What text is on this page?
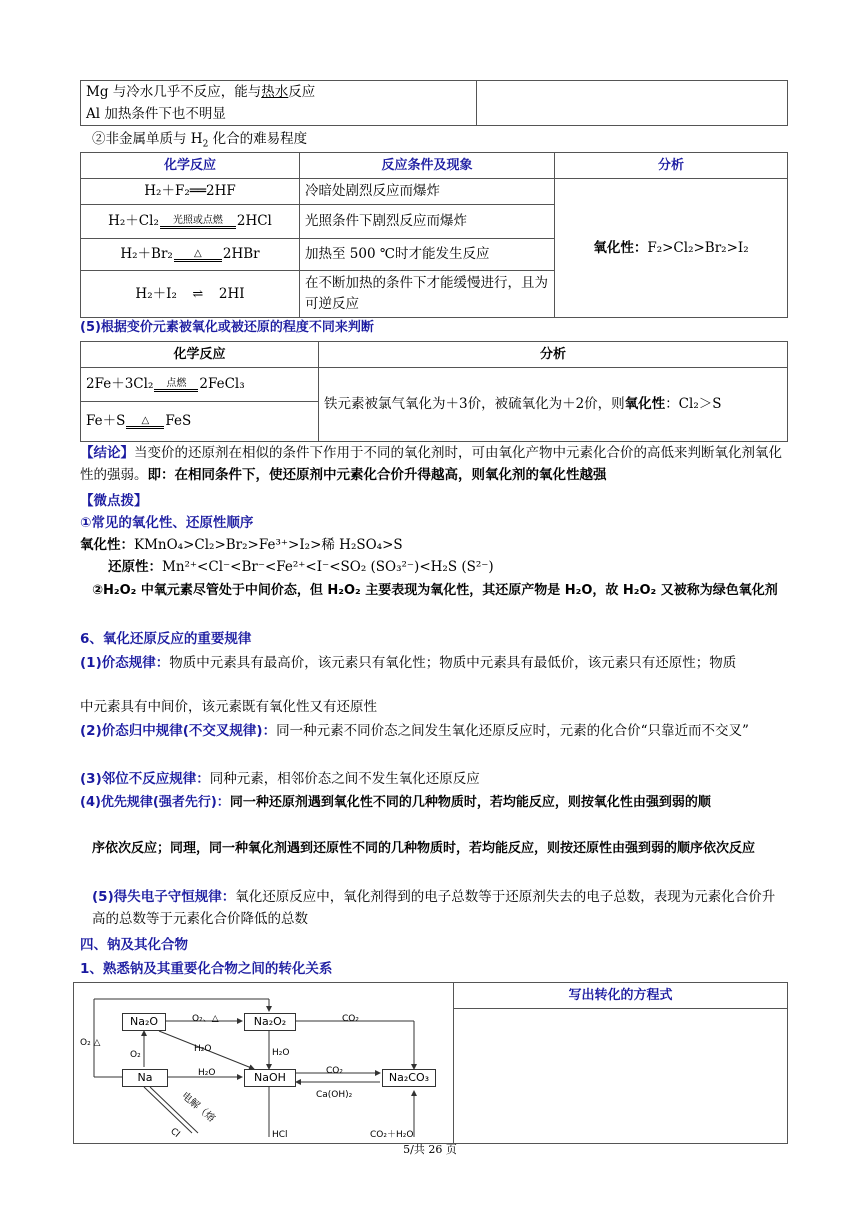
Mg 与冷水几乎不反应，能与热水反应
Al 加热条件下也不明显	

②非金属单质与 $H_2$ 化合的难易程度

化学反应	反应条件及现象	分析
H₂＋F₂══2HF	冷暗处剧烈反应而爆炸	氧化性：F₂>Cl₂>Br₂>I₂
H₂＋Cl₂ 光照或点燃 2HCl	光照条件下剧烈反应而爆炸	
H₂＋Br₂ △ 2HBr	加热至 500 ℃时才能发生反应	
H₂＋I₂ ⇌ 2HI	在不断加热的条件下才能缓慢进行，且为可逆反应	

(5)根据变价元素被氧化或被还原的程度不同来判断

化学反应	分析
2Fe＋3Cl₂ 点燃 2FeCl₃	铁元素被氯气氧化为＋3价，被硫氧化为＋2价，则氧化性：Cl₂＞S
Fe＋S △ FeS	

【结论】当变价的还原剂在相似的条件下作用于不同的氧化剂时，可由氧化产物中元素化合价的高低来判断氧化剂氧化性的强弱。即：在相同条件下，使还原剂中元素化合价升得越高，则氧化剂的氧化性越强

【微点拨】

①常见的氧化性、还原性顺序

氧化性：KMnO₄>Cl₂>Br₂>Fe³⁺>I₂>稀 H₂SO₄>S

还原性：Mn²⁺<Cl⁻<Br⁻<Fe²⁺<I⁻<SO₂ (SO₃²⁻)<H₂S (S²⁻)

②H₂O₂ 中氧元素尽管处于中间价态，但 H₂O₂ 主要表现为氧化性，其还原产物是 H₂O，故 H₂O₂ 又被称为绿色氧化剂

6、氧化还原反应的重要规律

(1)价态规律：物质中元素具有最高价，该元素只有氧化性；物质中元素具有最低价，该元素只有还原性；物质

中元素具有中间价，该元素既有氧化性又有还原性

(2)价态归中规律(不交叉规律)：同一种元素不同价态之间发生氧化还原反应时，元素的化合价“只靠近而不交叉”

(3)邻位不反应规律：同种元素，相邻价态之间不发生氧化还原反应

(4)优先规律(强者先行)：同一种还原剂遇到氧化性不同的几种物质时，若均能反应，则按氧化性由强到弱的顺

序依次反应；同理，同一种氧化剂遇到还原性不同的几种物质时，若均能反应，则按还原性由强到弱的顺序依次反应

(5)得失电子守恒规律：氧化还原反应中，氧化剂得到的电子总数等于还原剂失去的电子总数，表现为元素化合价升高的总数等于元素化合价降低的总数

四、钠及其化合物

1、熟悉钠及其重要化合物之间的转化关系

Na₂O	Na₂O₂
Na	NaOH	Na₂CO₃
O₂、△	CO₂
O₂
H₂O	H₂O
H₂O	CO₂
Ca(OH)₂
O₂ △
电解（熔
HCl	CO₂＋H₂O
Cl
	写出转化的方程式

5/共 26 页
